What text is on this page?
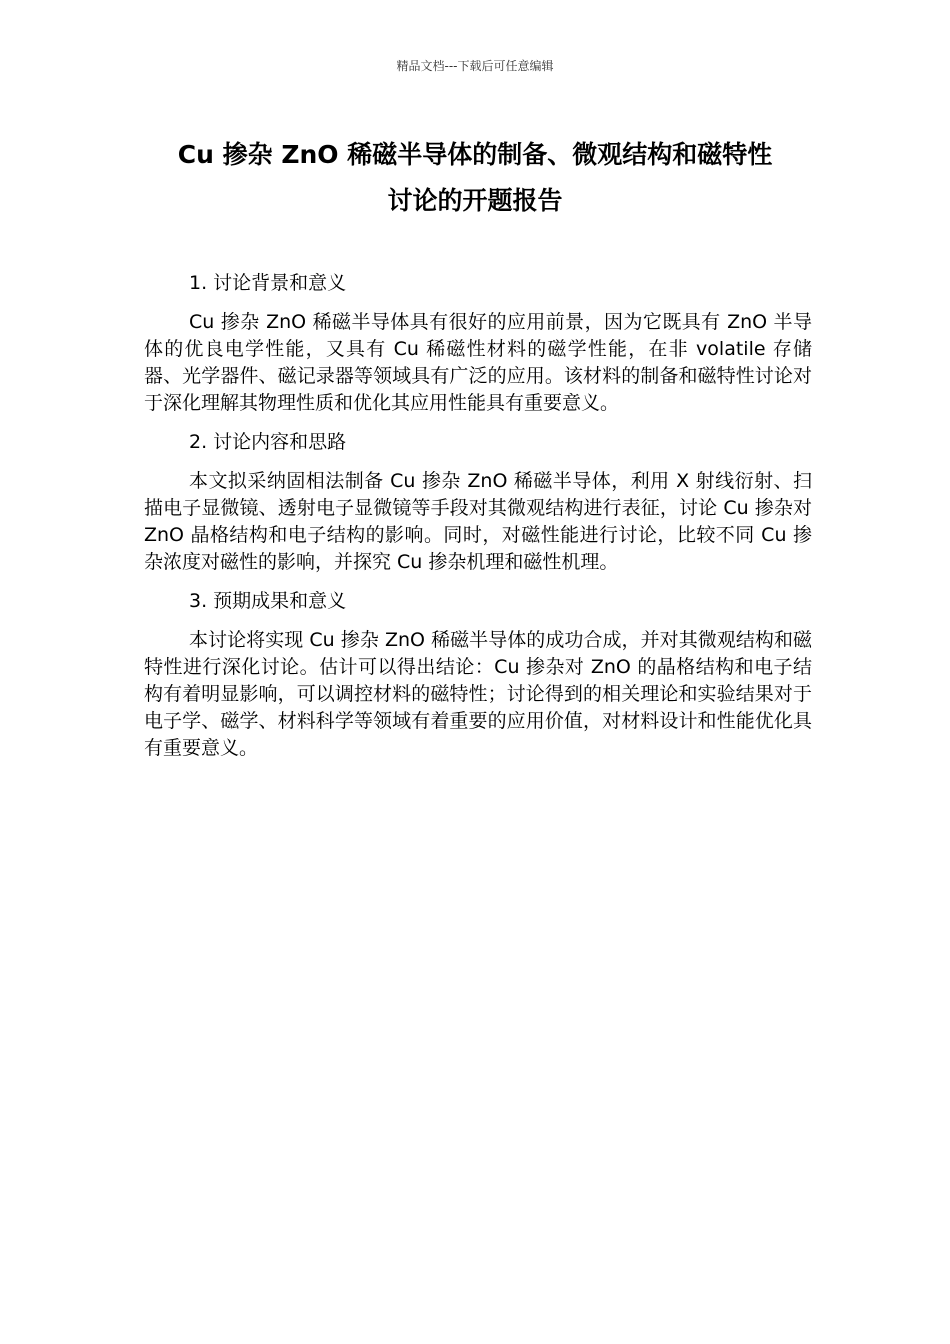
精品文档---下载后可任意编辑
Cu 掺杂 ZnO 稀磁半导体的制备、微观结构和磁特性
讨论的开题报告

1. 讨论背景和意义

Cu 掺杂 ZnO 稀磁半导体具有很好的应用前景，因为它既具有 ZnO 半导体的优良电学性能，又具有 Cu 稀磁性材料的磁学性能，在非 volatile 存储器、光学器件、磁记录器等领域具有广泛的应用。该材料的制备和磁特性讨论对于深化理解其物理性质和优化其应用性能具有重要意义。

2. 讨论内容和思路

本文拟采纳固相法制备 Cu 掺杂 ZnO 稀磁半导体，利用 X 射线衍射、扫描电子显微镜、透射电子显微镜等手段对其微观结构进行表征，讨论 Cu 掺杂对 ZnO 晶格结构和电子结构的影响。同时，对磁性能进行讨论，比较不同 Cu 掺杂浓度对磁性的影响，并探究 Cu 掺杂机理和磁性机理。

3. 预期成果和意义

本讨论将实现 Cu 掺杂 ZnO 稀磁半导体的成功合成，并对其微观结构和磁特性进行深化讨论。估计可以得出结论：Cu 掺杂对 ZnO 的晶格结构和电子结构有着明显影响，可以调控材料的磁特性；讨论得到的相关理论和实验结果对于电子学、磁学、材料科学等领域有着重要的应用价值，对材料设计和性能优化具有重要意义。
